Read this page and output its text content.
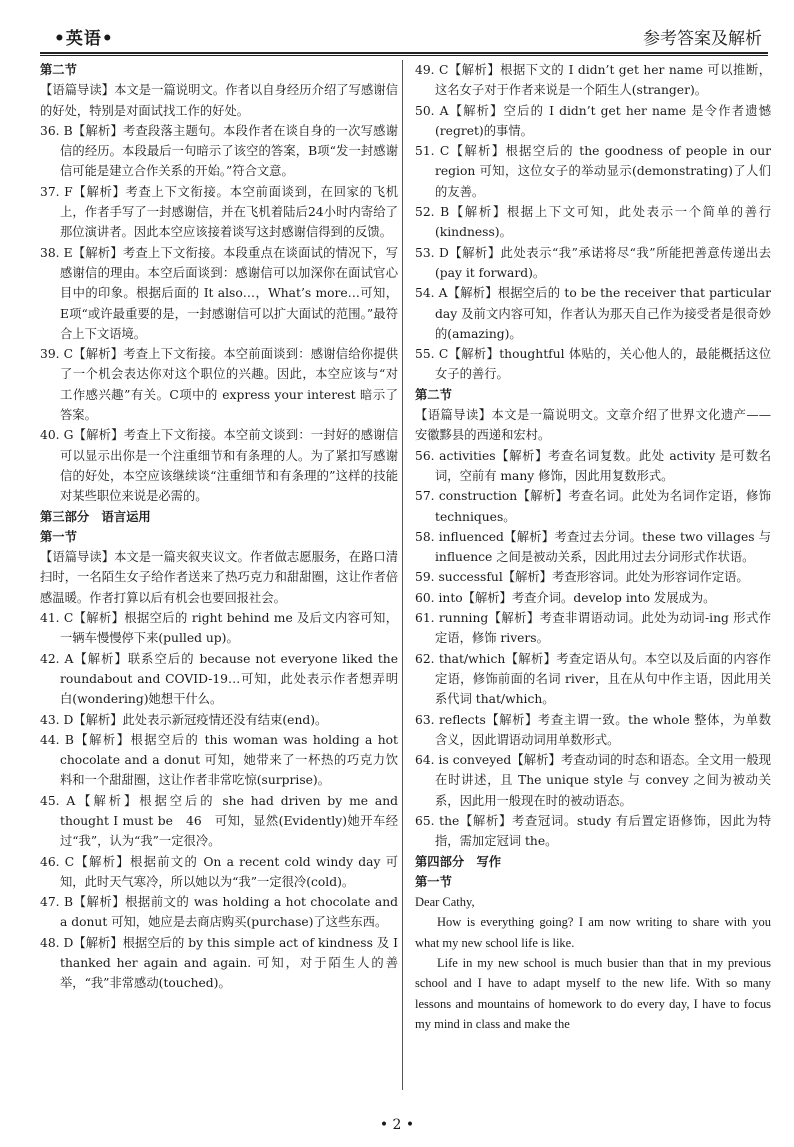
•英语•	参考答案及解析

第二节

【语篇导读】本文是一篇说明文。作者以自身经历介绍了写感谢信的好处，特别是对面试找工作的好处。

36. B【解析】考查段落主题句。本段作者在谈自身的一次写感谢信的经历。本段最后一句暗示了该空的答案，B项“发一封感谢信可能是建立合作关系的开始。”符合文意。

37. F【解析】考查上下文衔接。本空前面谈到，在回家的飞机上，作者手写了一封感谢信，并在飞机着陆后24小时内寄给了那位演讲者。因此本空应该接着谈写这封感谢信得到的反馈。

38. E【解析】考查上下文衔接。本段重点在谈面试的情况下，写感谢信的理由。本空后面谈到：感谢信可以加深你在面试官心目中的印象。根据后面的 It also…，What’s more…可知，E项“或许最重要的是，一封感谢信可以扩大面试的范围。”最符合上下文语境。

39. C【解析】考查上下文衔接。本空前面谈到：感谢信给你提供了一个机会表达你对这个职位的兴趣。因此，本空应该与“对工作感兴趣”有关。C项中的 express your interest 暗示了答案。

40. G【解析】考查上下文衔接。本空前文谈到：一封好的感谢信可以显示出你是一个注重细节和有条理的人。为了紧扣写感谢信的好处，本空应该继续谈“注重细节和有条理的”这样的技能对某些职位来说是必需的。

第三部分　语言运用

第一节

【语篇导读】本文是一篇夹叙夹议文。作者做志愿服务，在路口清扫时，一名陌生女子给作者送来了热巧克力和甜甜圈，这让作者倍感温暖。作者打算以后有机会也要回报社会。

41. C【解析】根据空后的 right behind me 及后文内容可知，一辆车慢慢停下来(pulled up)。

42. A【解析】联系空后的 because not everyone liked the roundabout and COVID-19…可知，此处表示作者想弄明白(wondering)她想干什么。

43. D【解析】此处表示新冠疫情还没有结束(end)。

44. B【解析】根据空后的 this woman was holding a hot chocolate and a donut 可知，她带来了一杯热的巧克力饮料和一个甜甜圈，这让作者非常吃惊(surprise)。

45. A【解析】根据空后的 she had driven by me and thought I must be　46　可知，显然(Evidently)她开车经过“我”，认为“我”一定很冷。

46. C【解析】根据前文的 On a recent cold windy day 可知，此时天气寒冷，所以她以为“我”一定很冷(cold)。

47. B【解析】根据前文的 was holding a hot chocolate and a donut 可知，她应是去商店购买(purchase)了这些东西。

48. D【解析】根据空后的 by this simple act of kindness 及 I thanked her again and again. 可知，对于陌生人的善举，“我”非常感动(touched)。

49. C【解析】根据下文的 I didn’t get her name 可以推断，这名女子对于作者来说是一个陌生人(stranger)。

50. A【解析】空后的 I didn’t get her name 是令作者遗憾(regret)的事情。

51. C【解析】根据空后的 the goodness of people in our region 可知，这位女子的举动显示(demonstrating)了人们的友善。

52. B【解析】根据上下文可知，此处表示一个简单的善行(kindness)。

53. D【解析】此处表示“我”承诺将尽“我”所能把善意传递出去(pay it forward)。

54. A【解析】根据空后的 to be the receiver that particular day 及前文内容可知，作者认为那天自己作为接受者是很奇妙的(amazing)。

55. C【解析】thoughtful 体贴的，关心他人的，最能概括这位女子的善行。

第二节

【语篇导读】本文是一篇说明文。文章介绍了世界文化遗产——安徽黟县的西递和宏村。

56. activities【解析】考查名词复数。此处 activity 是可数名词，空前有 many 修饰，因此用复数形式。

57. construction【解析】考查名词。此处为名词作定语，修饰 techniques。

58. influenced【解析】考查过去分词。these two villages 与 influence 之间是被动关系，因此用过去分词形式作状语。

59. successful【解析】考查形容词。此处为形容词作定语。

60. into【解析】考查介词。develop into 发展成为。

61. running【解析】考查非谓语动词。此处为动词-ing 形式作定语，修饰 rivers。

62. that/which【解析】考查定语从句。本空以及后面的内容作定语，修饰前面的名词 river，且在从句中作主语，因此用关系代词 that/which。

63. reflects【解析】考查主谓一致。the whole 整体，为单数含义，因此谓语动词用单数形式。

64. is conveyed【解析】考查动词的时态和语态。全文用一般现在时讲述，且 The unique style 与 convey 之间为被动关系，因此用一般现在时的被动语态。

65. the【解析】考查冠词。study 有后置定语修饰，因此为特指，需加定冠词 the。

第四部分　写作

第一节

Dear Cathy,

How is everything going? I am now writing to share with you what my new school life is like.

Life in my new school is much busier than that in my previous school and I have to adapt myself to the new life. With so many lessons and mountains of homework to do every day, I have to focus my mind in class and make the

• 2 •
